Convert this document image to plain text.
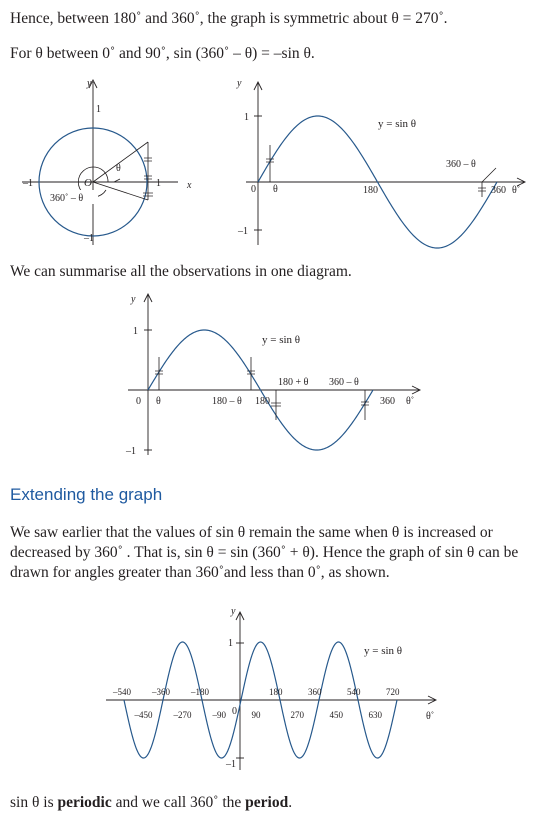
Hence, between 180˚ and 360˚, the graph is symmetric about θ = 270˚.

For θ between 0˚ and 90˚, sin (360˚ – θ) = –sin θ.

y
1
–1	1	x
–1
O
θ
360˚ – θ
y
1
–1
0 θ
y = sin θ
180	360 θ˚
360 – θ

We can summarise all the observations in one diagram.

y
1
–1
0 θ
y = sin θ
180 + θ 360 – θ
180 – θ 180	360 θ˚
Extending the graph

We saw earlier that the values of sin θ remain the same when θ is increased or decreased by 360˚ . That is, sin θ = sin (360˚ + θ). Hence the graph of sin θ can be drawn for angles greater than 360˚and less than 0˚, as shown.

–540 –360 –180	180	360	540	720
–450 –270 –90	90	270	450	630
y
1
–1
y = sin θ
0	θ˚

sin θ is periodic and we call 360˚ the period.
